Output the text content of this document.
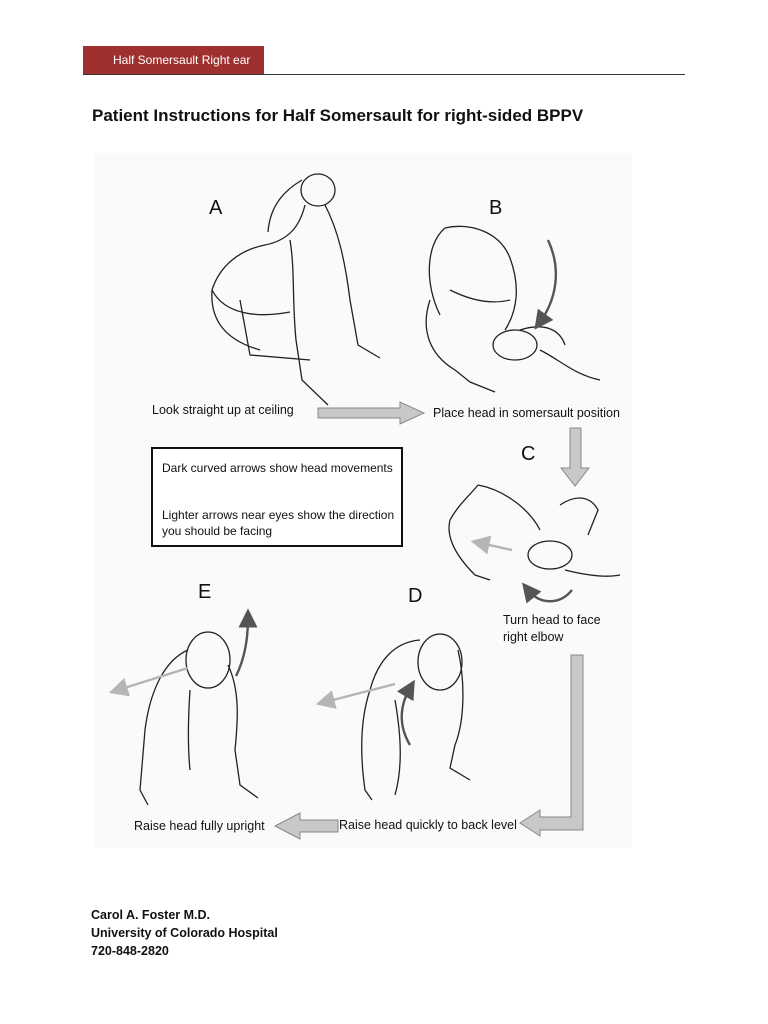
Half Somersault Right ear
Patient Instructions for Half Somersault for right-sided BPPV
A	B
C
D
E
Look straight up at ceiling	Place head in somersault position
Turn head to face
right elbow
Raise head quickly to back level
Raise head fully upright
Dark curved arrows show head movements
Lighter arrows near eyes show the direction
you should be facing
Carol A. Foster M.D.
University of Colorado Hospital
720-848-2820
